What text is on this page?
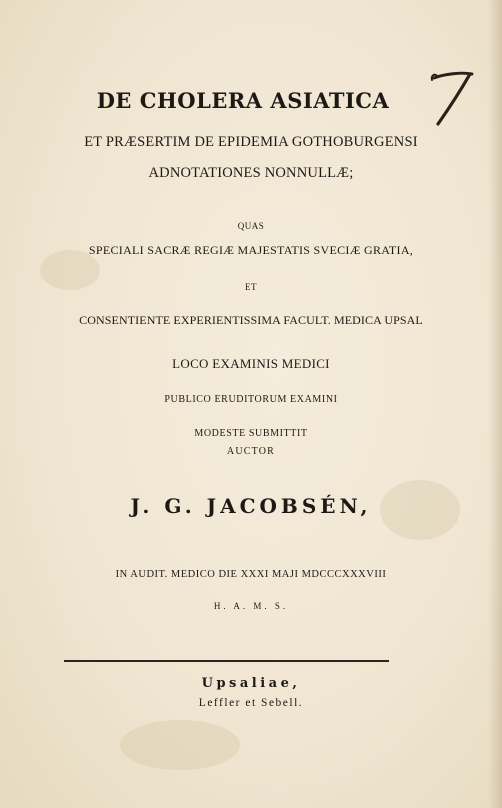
DE CHOLERA ASIATICA
ET PRÆSERTIM DE EPIDEMIA GOTHOBURGENSI
ADNOTATIONES NONNULLÆ;
QUAS
SPECIALI SACRÆ REGIÆ MAJESTATIS SVECIÆ GRATIA,
ET
CONSENTIENTE EXPERIENTISSIMA FACULT. MEDICA UPSAL
LOCO EXAMINIS MEDICI
PUBLICO ERUDITORUM EXAMINI
MODESTE SUBMITTIT
AUCTOR
J. G. JACOBSÉN,
IN AUDIT. MEDICO DIE XXXI MAJI MDCCCXXXVIII
H. A. M. S.
Upsaliae,
Leffler et Sebell.
